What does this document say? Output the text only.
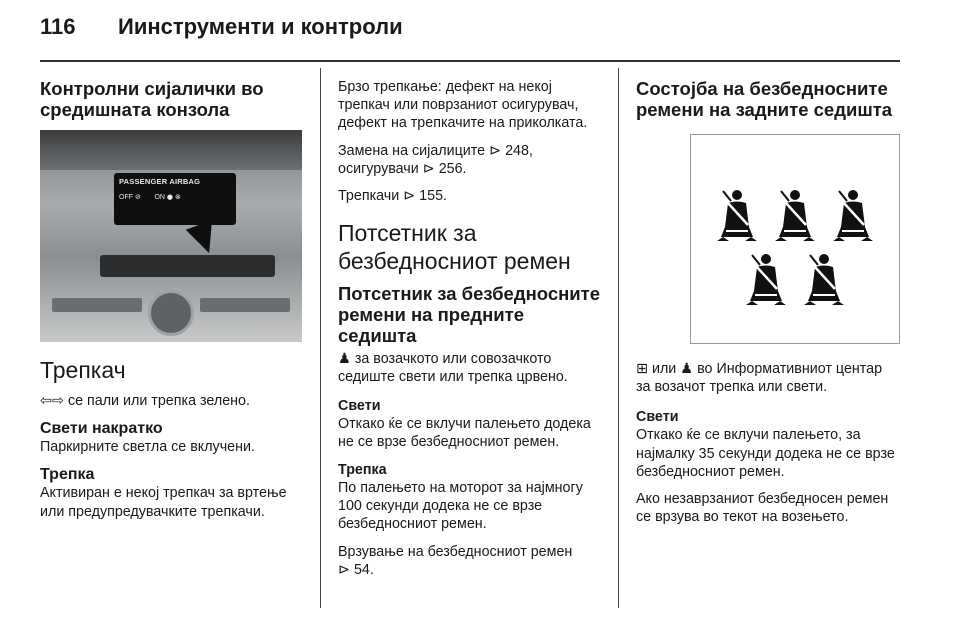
116 Иинструменти и контроли
Контролни сијалички во средишната конзола
PASSENGER AIRBAG
OFF ⊘ ON ● ⊗
Трепкач

⇦⇨ се пали или трепка зелено.

Свети накратко

Паркирните светла се вклучени.

Трепка

Активиран е некој трепкач за вртење или предупредувачките трепкачи.

Брзо трепкање: дефект на некој трепкач или поврзаниот осигурувач, дефект на трепкачите на приколката.

Замена на сијалиците ⊳ 248,
осигурувачи ⊳ 256.

Трепкачи ⊳ 155.

Потсетник за безбедносниот ремен
Потсетник за безбедносните ремени на предните седишта

♟ за возачкото или совозачкото седиште свети или трепка црвено.

Свети

Откако ќе се вклучи палењето додека не се врзе безбедносниот ремен.

Трепка

По палењето на моторот за најмногу 100 секунди додека не се врзе безбедносниот ремен.

Врзување на безбедносниот ремен
⊳ 54.

Состојба на безбедносните ремени на задните седишта

⊞ или ♟ во Информативниот центар за возачот трепка или свети.

Свети

Откако ќе се вклучи палењето, за најмалку 35 секунди додека не се врзе безбедносниот ремен.

Ако незаврзаниот безбедносен ремен се врзува во текот на возењето.
